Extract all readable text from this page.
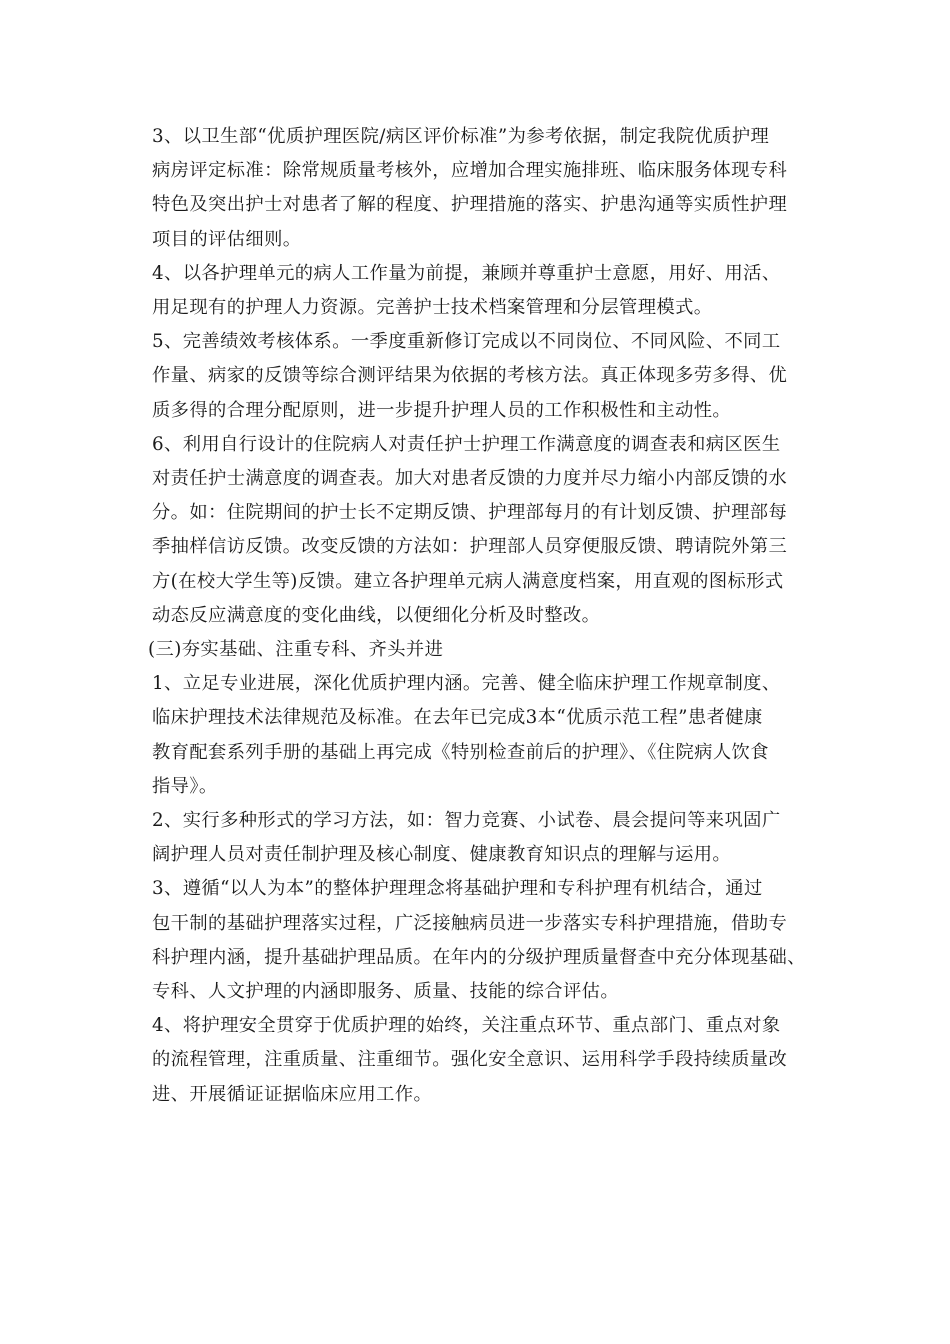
3、以卫生部“优质护理医院/病区评价标准”为参考依据，制定我院优质护理
病房评定标准：除常规质量考核外，应增加合理实施排班、临床服务体现专科
特色及突出护士对患者了解的程度、护理措施的落实、护患沟通等实质性护理
项目的评估细则。
4、以各护理单元的病人工作量为前提，兼顾并尊重护士意愿，用好、用活、
用足现有的护理人力资源。完善护士技术档案管理和分层管理模式。
5、完善绩效考核体系。一季度重新修订完成以不同岗位、不同风险、不同工
作量、病家的反馈等综合测评结果为依据的考核方法。真正体现多劳多得、优
质多得的合理分配原则，进一步提升护理人员的工作积极性和主动性。
6、利用自行设计的住院病人对责任护士护理工作满意度的调查表和病区医生
对责任护士满意度的调查表。加大对患者反馈的力度并尽力缩小内部反馈的水
分。如：住院期间的护士长不定期反馈、护理部每月的有计划反馈、护理部每
季抽样信访反馈。改变反馈的方法如：护理部人员穿便服反馈、聘请院外第三
方(在校大学生等)反馈。建立各护理单元病人满意度档案，用直观的图标形式
动态反应满意度的变化曲线，以便细化分析及时整改。
(三)夯实基础、注重专科、齐头并进
1、立足专业进展，深化优质护理内涵。完善、健全临床护理工作规章制度、
临床护理技术法律规范及标准。在去年已完成3本“优质示范工程”患者健康
教育配套系列手册的基础上再完成《特别检查前后的护理》、《住院病人饮食
指导》。
2、实行多种形式的学习方法，如：智力竞赛、小试卷、晨会提问等来巩固广
阔护理人员对责任制护理及核心制度、健康教育知识点的理解与运用。
3、遵循“以人为本”的整体护理理念将基础护理和专科护理有机结合，通过
包干制的基础护理落实过程，广泛接触病员进一步落实专科护理措施，借助专
科护理内涵，提升基础护理品质。在年内的分级护理质量督查中充分体现基础、
专科、人文护理的内涵即服务、质量、技能的综合评估。
4、将护理安全贯穿于优质护理的始终，关注重点环节、重点部门、重点对象
的流程管理，注重质量、注重细节。强化安全意识、运用科学手段持续质量改
进、开展循证证据临床应用工作。
